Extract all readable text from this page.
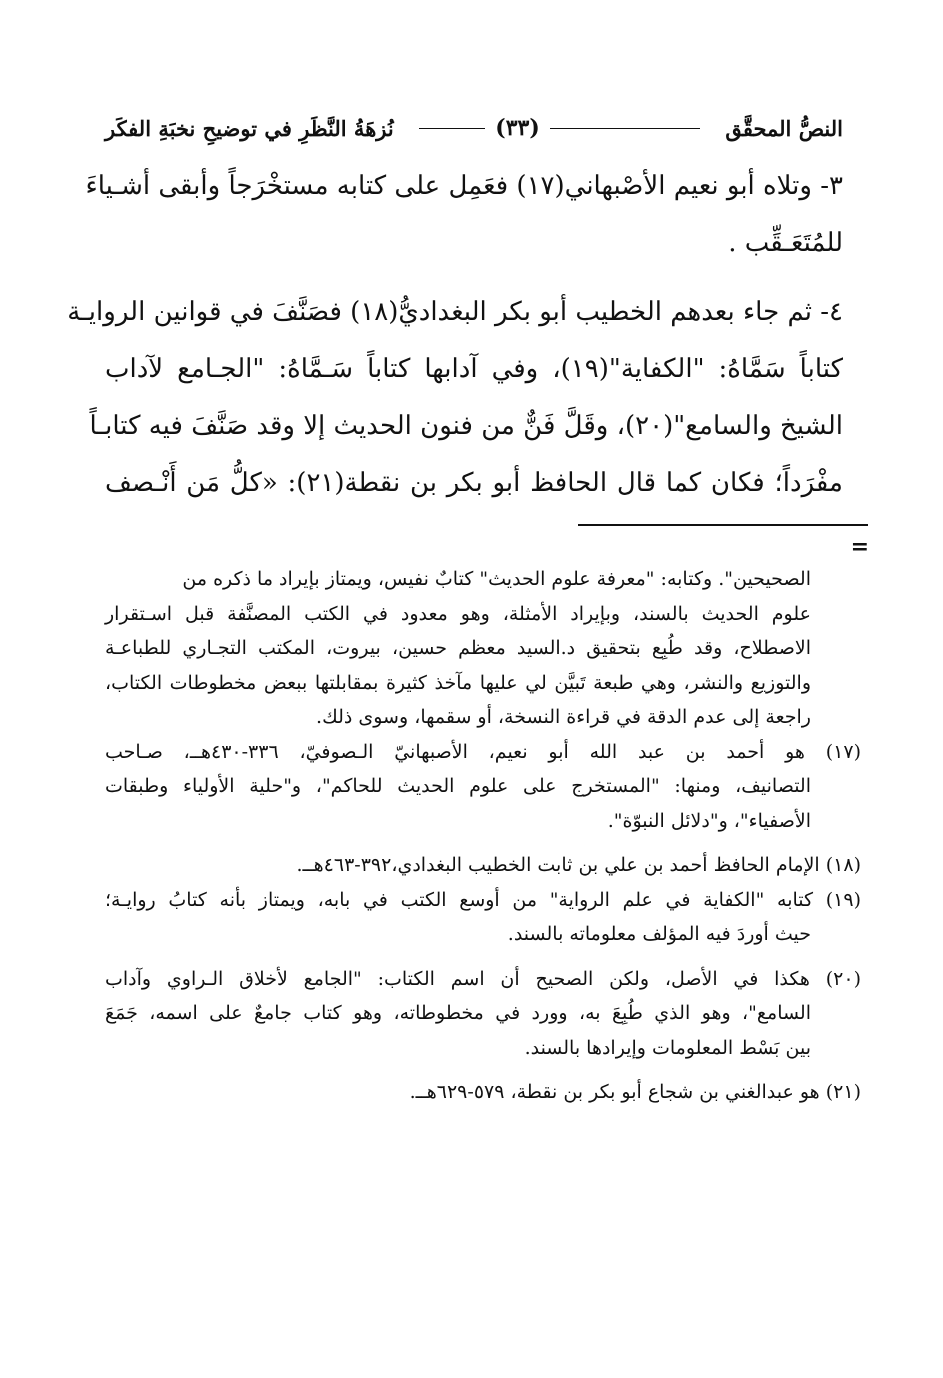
النصُّ المحقَّق
(٣٣)
نُزهَةُ النَّظَرِ في توضيحِ نخبَةِ الفكَر
٣- وتلاه أبو نعيم الأصْبهاني(١٧) فعَمِل على كتابه مستخْرَجاً وأبقى أشـياءَ
للمُتَعَـقِّب .
٤- ثم جاء بعدهم الخطيب أبو بكر البغداديُّ(١٨) فصَنَّفَ في قوانين الروايـة
كتاباً سَمَّاهُ: "الكفاية"(١٩)، وفي آدابها كتاباً سَـمَّاهُ: "الجـامع لآداب
الشيخ والسامع"(٢٠)، وقَلَّ فَنٌّ من فنون الحديث إلا وقد صَنَّفَ فيه كتابـاً
مفْرَداً؛ فكان كما قال الحافظ أبو بكر بن نقطة(٢١): «كلُّ مَن أَنْـصف
=
الصحيحين". وكتابه: "معرفة علوم الحديث" كتابٌ نفيس، ويمتاز بإيراد ما ذكره من
علوم الحديث بالسند، وبإيراد الأمثلة، وهو معدود في الكتب المصنَّفة قبل اسـتقرار
الاصطلاح، وقد طُبِع بتحقيق د.السيد معظم حسين، بيروت، المكتب التجـاري للطباعـة
والتوزيع والنشر، وهي طبعة تَبيَّن لي عليها مآخذ كثيرة بمقابلتها ببعض مخطوطات الكتاب،
راجعة إلى عدم الدقة في قراءة النسخة، أو سقمها، وسوى ذلك.
(١٧) هو أحمد بن عبد الله أبو نعيم، الأصبهانيّ الـصوفيّ، ٣٣٦-٤٣٠هــ، صـاحب
التصانيف، ومنها: "المستخرج على علوم الحديث للحاكم"، و"حلية الأولياء وطبقات
الأصفياء"، و"دلائل النبوّة".
(١٨) الإمام الحافظ أحمد بن علي بن ثابت الخطيب البغدادي،٣٩٢-٤٦٣هــ.
(١٩) كتابه "الكفاية في علم الرواية" من أوسع الكتب في بابه، ويمتاز بأنه كتابُ روايـة؛
حيث أوردَ فيه المؤلف معلوماته بالسند.
(٢٠) هكذا في الأصل، ولكن الصحيح أن اسم الكتاب: "الجامع لأخلاق الـراوي وآداب
السامع"، وهو الذي طُبِعَ به، وورد في مخطوطاته، وهو كتاب جامعٌ على اسمه، جَمَعَ
بين بَسْط المعلومات وإيرادها بالسند.
(٢١) هو عبدالغني بن شجاع أبو بكر بن نقطة، ٥٧٩-٦٢٩هــ.
